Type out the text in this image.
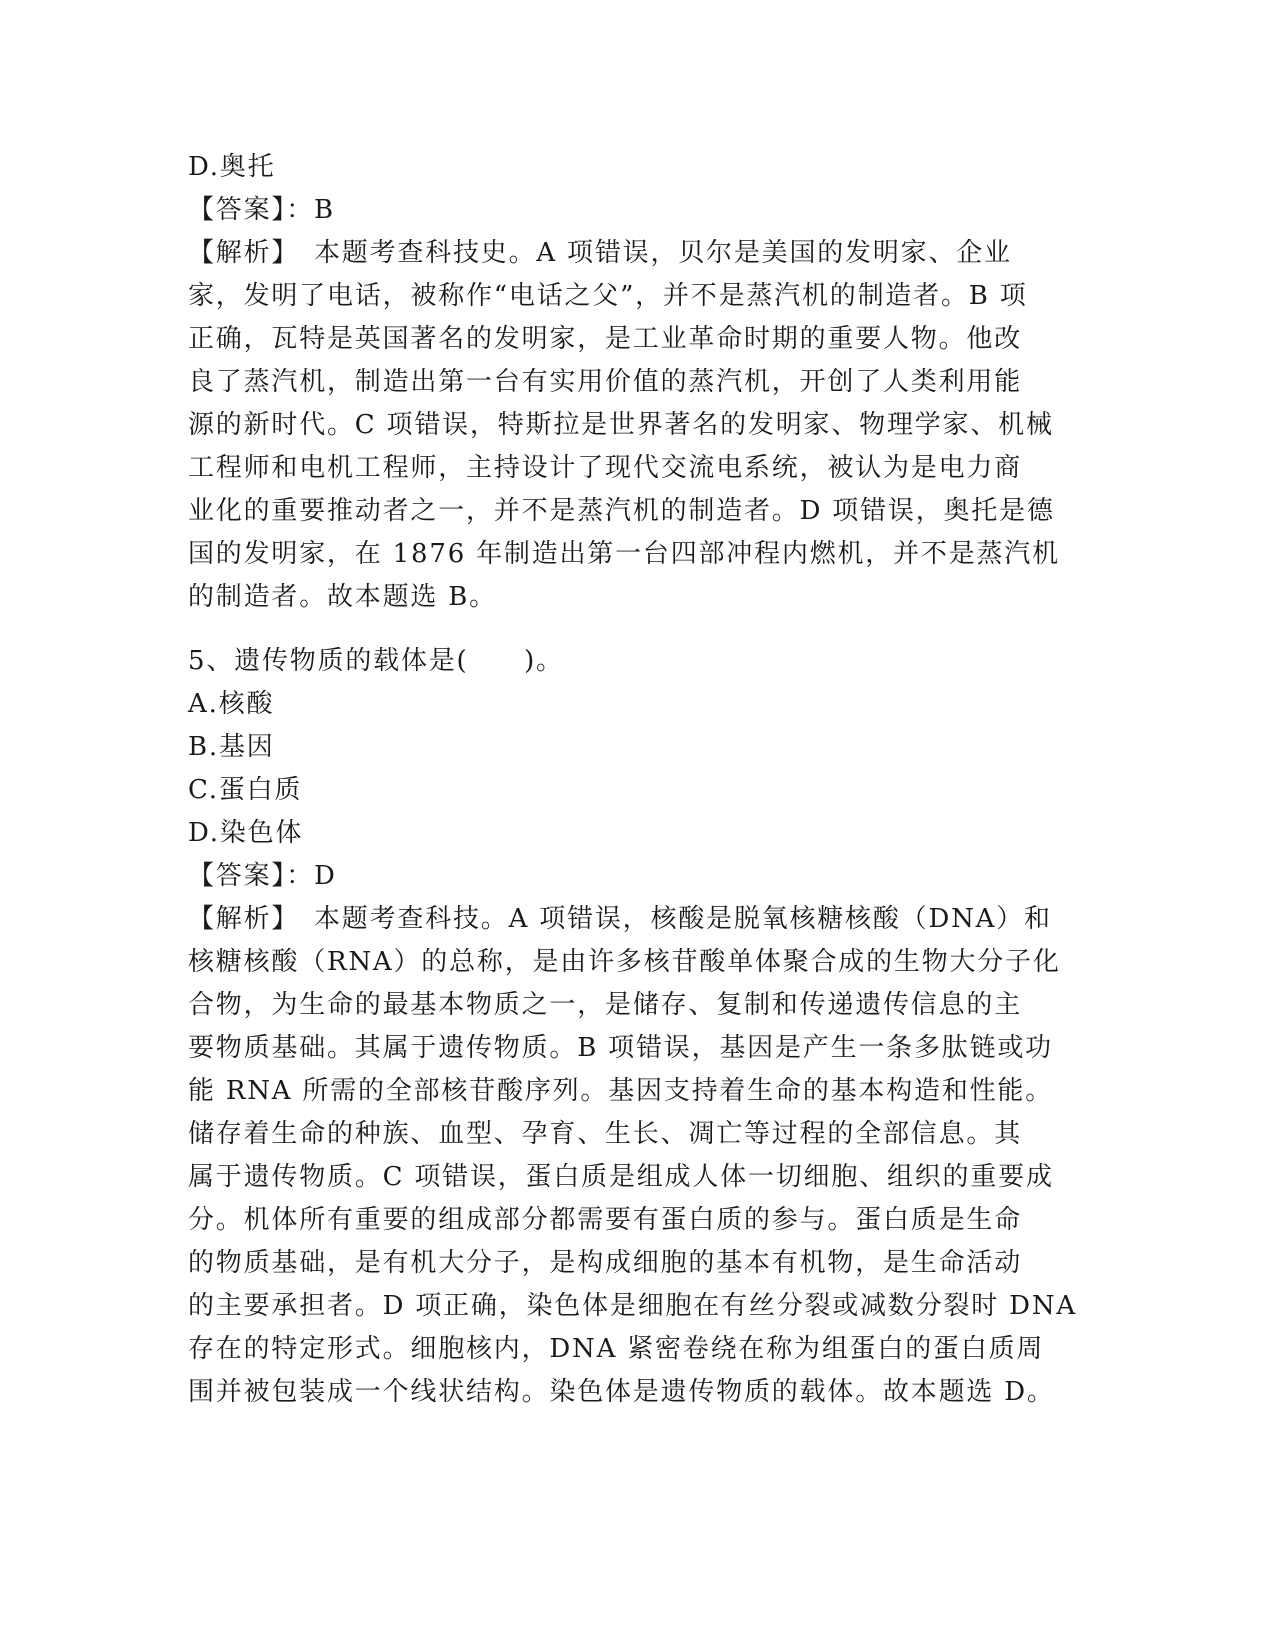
D.奥托
【答案】：B
【解析】　本题考查科技史。A 项错误，贝尔是美国的发明家、企业
家，发明了电话，被称作“电话之父”，并不是蒸汽机的制造者。B 项
正确，瓦特是英国著名的发明家，是工业革命时期的重要人物。他改
良了蒸汽机，制造出第一台有实用价值的蒸汽机，开创了人类利用能
源的新时代。C 项错误，特斯拉是世界著名的发明家、物理学家、机械
工程师和电机工程师，主持设计了现代交流电系统，被认为是电力商
业化的重要推动者之一，并不是蒸汽机的制造者。D 项错误，奥托是德
国的发明家，在 1876 年制造出第一台四部冲程内燃机，并不是蒸汽机
的制造者。故本题选 B。
5、遗传物质的载体是(　　)。
A.核酸
B.基因
C.蛋白质
D.染色体
【答案】：D
【解析】　本题考查科技。A 项错误，核酸是脱氧核糖核酸（DNA）和
核糖核酸（RNA）的总称，是由许多核苷酸单体聚合成的生物大分子化
合物，为生命的最基本物质之一，是储存、复制和传递遗传信息的主
要物质基础。其属于遗传物质。B 项错误，基因是产生一条多肽链或功
能 RNA 所需的全部核苷酸序列。基因支持着生命的基本构造和性能。
储存着生命的种族、血型、孕育、生长、凋亡等过程的全部信息。其
属于遗传物质。C 项错误，蛋白质是组成人体一切细胞、组织的重要成
分。机体所有重要的组成部分都需要有蛋白质的参与。蛋白质是生命
的物质基础，是有机大分子，是构成细胞的基本有机物，是生命活动
的主要承担者。D 项正确，染色体是细胞在有丝分裂或减数分裂时 DNA
存在的特定形式。细胞核内，DNA 紧密卷绕在称为组蛋白的蛋白质周
围并被包装成一个线状结构。染色体是遗传物质的载体。故本题选 D。
